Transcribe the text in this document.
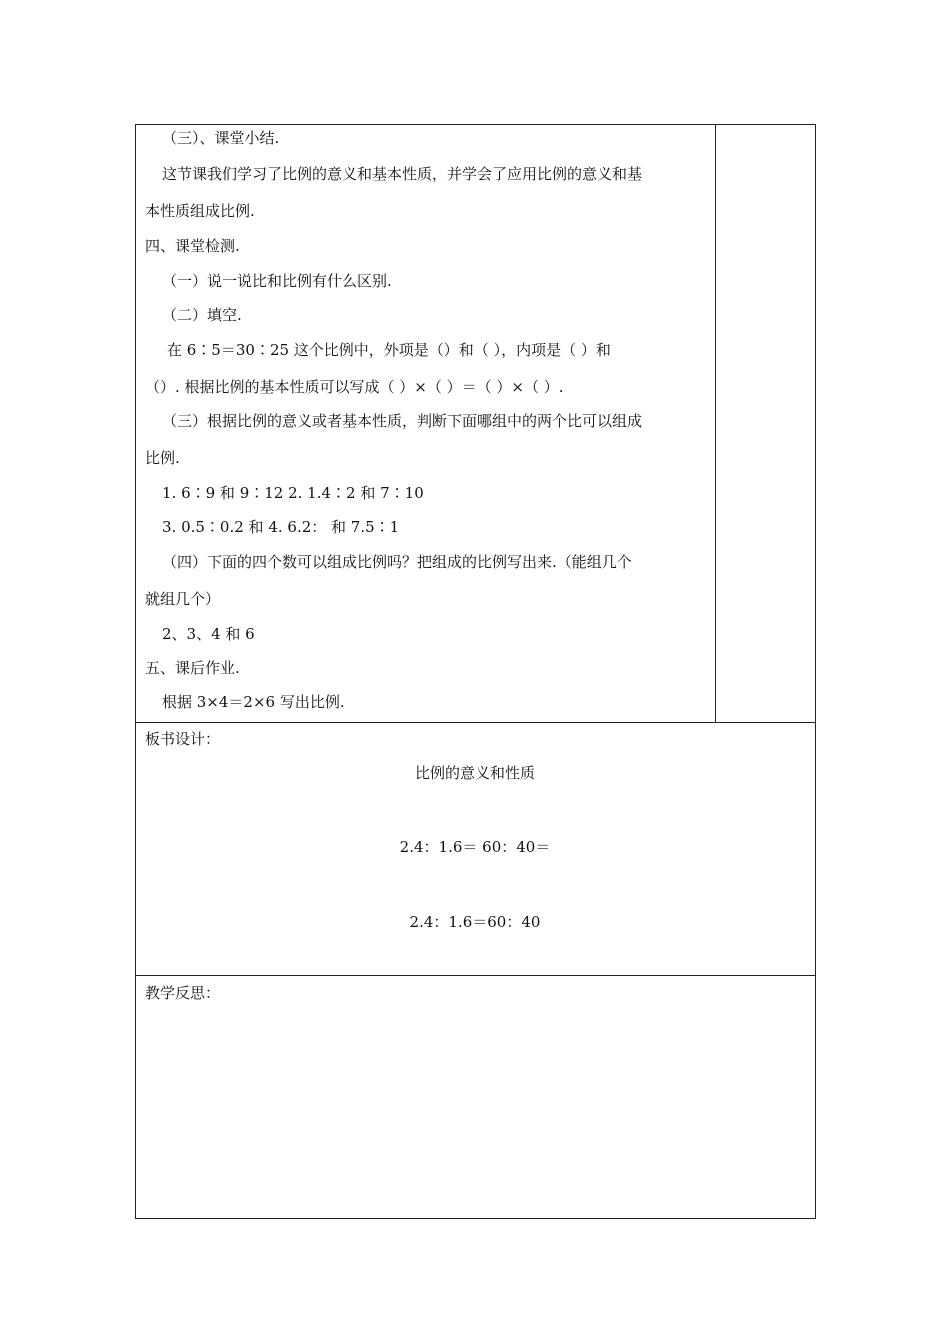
（三）、课堂小结.
这节课我们学习了比例的意义和基本性质，并学会了应用比例的意义和基
本性质组成比例.
四、课堂检测.
（一）说一说比和比例有什么区别.
（二）填空.
在 6∶5＝30∶25 这个比例中，外项是（）和（ ），内项是（ ）和
（）. 根据比例的基本性质可以写成（ ）×（ ）＝（ ）×（ ）.
（三）根据比例的意义或者基本性质，判断下面哪组中的两个比可以组成
比例.
1. 6∶9 和 9∶12 2. 1.4∶2 和 7∶10
3. 0.5∶0.2 和 4. 6.2： 和 7.5∶1
（四）下面的四个数可以组成比例吗？把组成的比例写出来.（能组几个
就组几个）
2、3、4 和 6
五、课后作业.
根据 3×4＝2×6 写出比例.
板书设计：
比例的意义和性质
2.4：1.6＝ 60：40＝
2.4：1.6＝60：40
教学反思：
